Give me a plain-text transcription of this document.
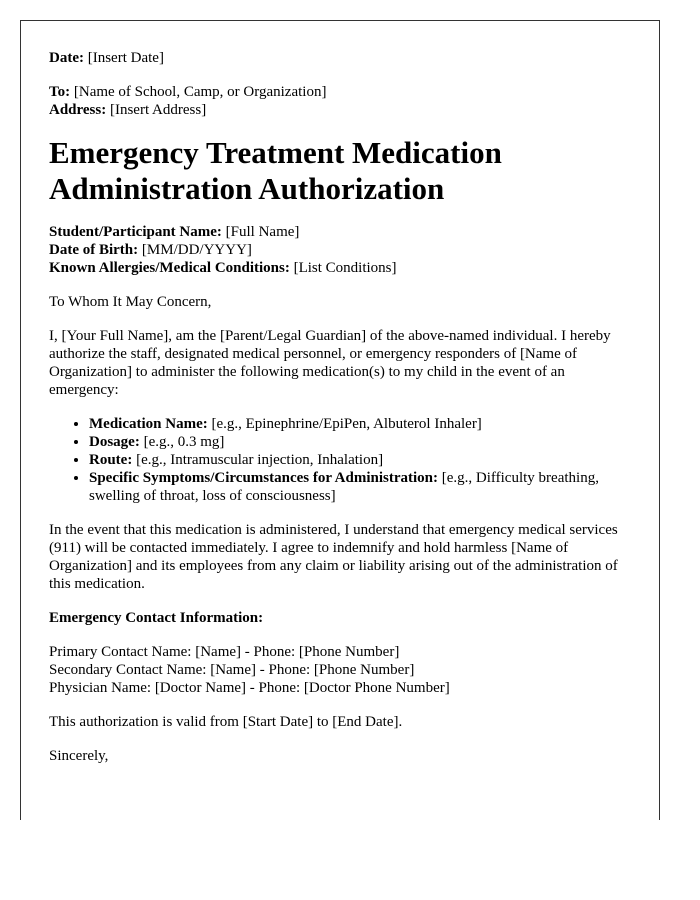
Date: [Insert Date]

To: [Name of School, Camp, or Organization]

Address: [Insert Address]

Emergency Treatment Medication Administration Authorization

Student/Participant Name: [Full Name]

Date of Birth: [MM/DD/YYYY]

Known Allergies/Medical Conditions: [List Conditions]

To Whom It May Concern,

I, [Your Full Name], am the [Parent/Legal Guardian] of the above-named individual. I hereby authorize the staff, designated medical personnel, or emergency responders of [Name of Organization] to administer the following medication(s) to my child in the event of an emergency:

• Medication Name: [e.g., Epinephrine/EpiPen, Albuterol Inhaler]
• Dosage: [e.g., 0.3 mg]
• Route: [e.g., Intramuscular injection, Inhalation]
• Specific Symptoms/Circumstances for Administration: [e.g., Difficulty breathing, swelling of throat, loss of consciousness]

In the event that this medication is administered, I understand that emergency medical services (911) will be contacted immediately. I agree to indemnify and hold harmless [Name of Organization] and its employees from any claim or liability arising out of the administration of this medication.

Emergency Contact Information:

Primary Contact Name: [Name] - Phone: [Phone Number]

Secondary Contact Name: [Name] - Phone: [Phone Number]

Physician Name: [Doctor Name] - Phone: [Doctor Phone Number]

This authorization is valid from [Start Date] to [End Date].

Sincerely,
